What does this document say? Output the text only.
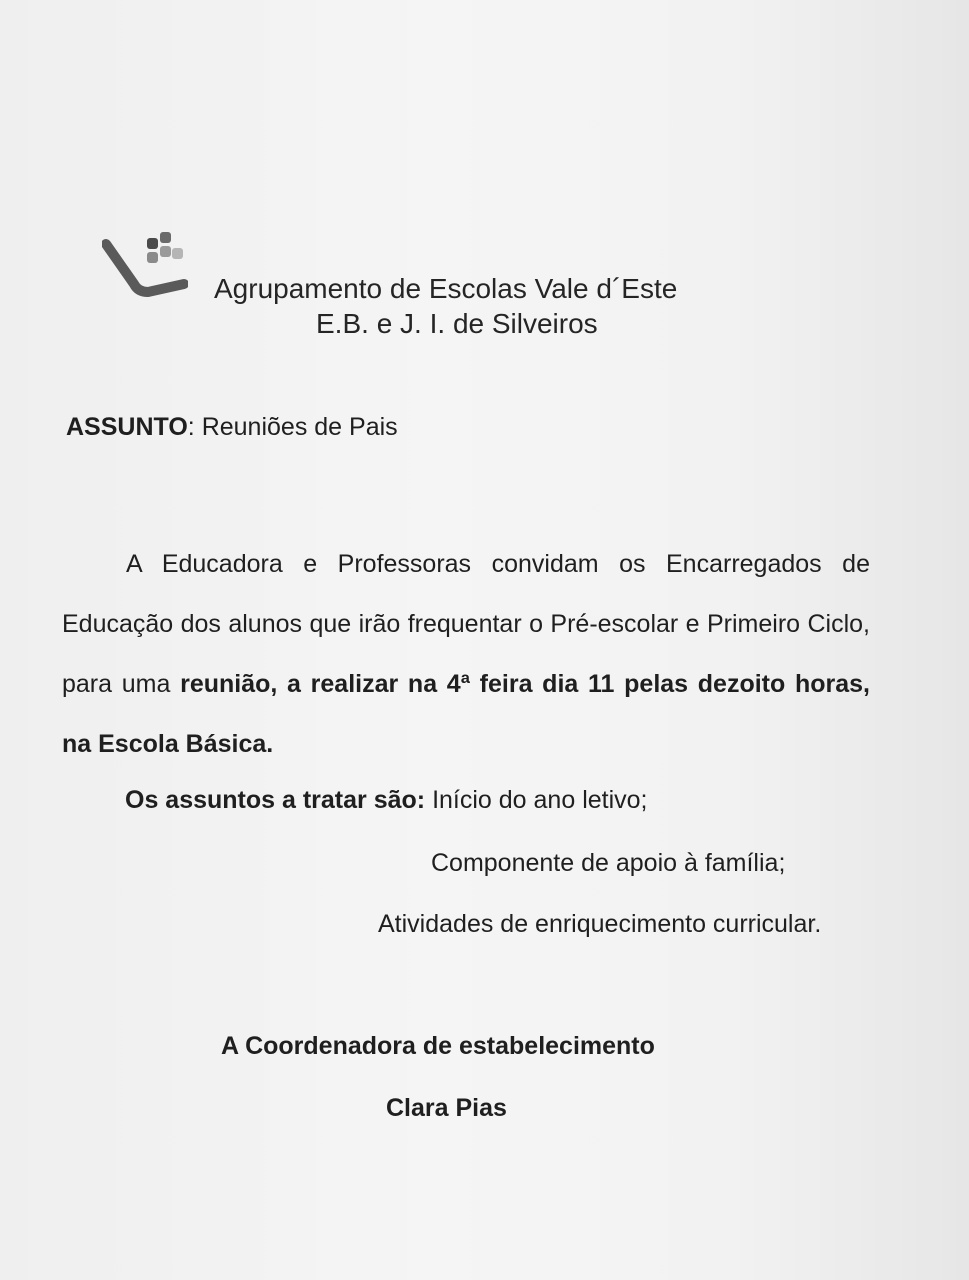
Agrupamento de Escolas Vale d´Este
E.B. e J. I. de Silveiros
ASSUNTO: Reuniões de Pais
A Educadora e Professoras convidam os Encarregados de Educação dos alunos que irão frequentar o Pré-escolar e Primeiro Ciclo, para uma reunião, a realizar na 4ª feira dia 11 pelas dezoito horas, na Escola Básica.
Os assuntos a tratar são: Início do ano letivo;
Componente de apoio à família;
Atividades de enriquecimento curricular.
A Coordenadora de estabelecimento
Clara Pias
